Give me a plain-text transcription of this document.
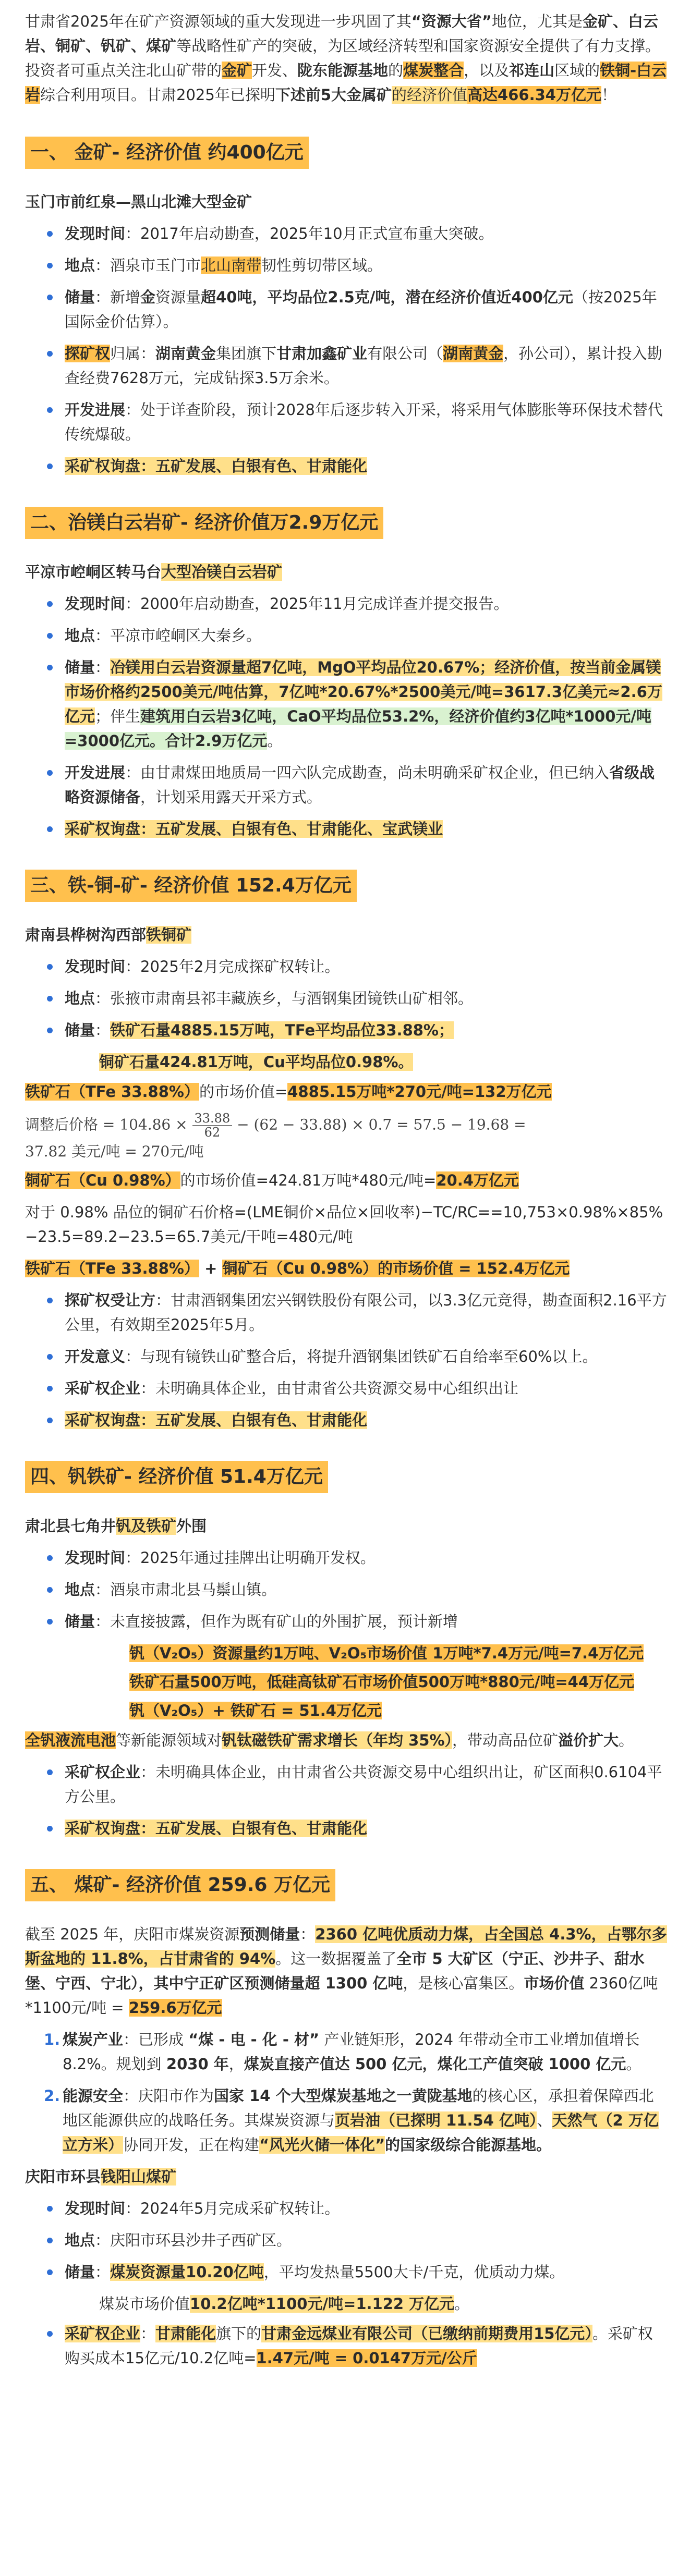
甘肃省2025年在矿产资源领域的重大发现进一步巩固了其“资源大省”地位，尤其是金矿、白云岩、铜矿、钒矿、煤矿等战略性矿产的突破，为区域经济转型和国家资源安全提供了有力支撑。投资者可重点关注北山矿带的金矿开发、陇东能源基地的煤炭整合，以及祁连山区域的铁铜-白云岩综合利用项目。甘肃2025年已探明下述前5大金属矿的经济价值高达466.34万亿元！

一、 金矿- 经济价值 约400亿元
玉门市前红泉—黑山北滩大型金矿
发现时间：2017年启动勘查，2025年10月正式宣布重大突破。
地点：酒泉市玉门市北山南带韧性剪切带区域。
储量：新增金资源量超40吨，平均品位2.5克/吨，潜在经济价值近400亿元（按2025年国际金价估算）。
探矿权归属：湖南黄金集团旗下甘肃加鑫矿业有限公司（湖南黄金，孙公司），累计投入勘查经费7628万元，完成钻探3.5万余米。
开发进展：处于详查阶段，预计2028年后逐步转入开采，将采用气体膨胀等环保技术替代传统爆破。
采矿权询盘：五矿发展、白银有色、甘肃能化
二、治镁白云岩矿- 经济价值万2.9万亿元
平凉市崆峒区转马台大型冶镁白云岩矿
发现时间：2000年启动勘查，2025年11月完成详查并提交报告。
地点：平凉市崆峒区大秦乡。
储量：冶镁用白云岩资源量超7亿吨，MgO平均品位20.67%；经济价值，按当前金属镁市场价格约2500美元/吨估算，7亿吨*20.67%*2500美元/吨=3617.3亿美元≈2.6万亿元；伴生建筑用白云岩3亿吨，CaO平均品位53.2%，经济价值约3亿吨*1000元/吨=3000亿元。合计2.9万亿元。
开发进展：由甘肃煤田地质局一四六队完成勘查，尚未明确采矿权企业，但已纳入省级战略资源储备，计划采用露天开采方式。
采矿权询盘：五矿发展、白银有色、甘肃能化、宝武镁业
三、铁-铜-矿- 经济价值 152.4万亿元
肃南县桦树沟西部铁铜矿
发现时间：2025年2月完成探矿权转让。
地点：张掖市肃南县祁丰藏族乡，与酒钢集团镜铁山矿相邻。
储量：铁矿石量4885.15万吨，TFe平均品位33.88%；
铜矿石量424.81万吨，Cu平均品位0.98%。
铁矿石（TFe 33.88%）的市场价值=4885.15万吨*270元/吨=132万亿元
调整后价格 = $104.86 \times \frac{33.88}{62} - (62 - 33.88) \times 0.7 = 57.5 - 19.68$ =
37.82 美元/吨 = 270元/吨
铜矿石（Cu 0.98%）的市场价值=424.81万吨*480元/吨=20.4万亿元
对于 0.98% 品位的铜矿石价格=(LME铜价×品位×回收率)−TC/RC==10,753×0.98%×85%−23.5=89.2−23.5=65.7美元/干吨=480元/吨
铁矿石（TFe 33.88%） + 铜矿石（Cu 0.98%）的市场价值 = 152.4万亿元
探矿权受让方：甘肃酒钢集团宏兴钢铁股份有限公司，以3.3亿元竞得，勘查面积2.16平方公里，有效期至2025年5月。
开发意义：与现有镜铁山矿整合后，将提升酒钢集团铁矿石自给率至60%以上。
采矿权企业：未明确具体企业，由甘肃省公共资源交易中心组织出让
采矿权询盘：五矿发展、白银有色、甘肃能化
四、钒铁矿- 经济价值 51.4万亿元
肃北县七角井钒及铁矿外围
发现时间：2025年通过挂牌出让明确开发权。
地点：酒泉市肃北县马鬃山镇。
储量：未直接披露，但作为既有矿山的外围扩展，预计新增
钒（V₂O₅）资源量约1万吨、V₂O₅市场价值 1万吨*7.4万元/吨=7.4万亿元
铁矿石量500万吨，低硅高钛矿石市场价值500万吨*880元/吨=44万亿元
钒（V₂O₅）+ 铁矿石 = 51.4万亿元
全钒液流电池等新能源领域对钒钛磁铁矿需求增长（年均 35%），带动高品位矿溢价扩大。
采矿权企业：未明确具体企业，由甘肃省公共资源交易中心组织出让，矿区面积0.6104平方公里。
采矿权询盘：五矿发展、白银有色、甘肃能化
五、 煤矿- 经济价值 259.6 万亿元

截至 2025 年，庆阳市煤炭资源预测储量：2360 亿吨优质动力煤，占全国总 4.3%，占鄂尔多斯盆地的 11.8%，占甘肃省的 94%。这一数据覆盖了全市 5 大矿区（宁正、沙井子、甜水堡、宁西、宁北），其中宁正矿区预测储量超 1300 亿吨，是核心富集区。市场价值 2360亿吨*1100元/吨 = 259.6万亿元

1. 煤炭产业：已形成 “煤 - 电 - 化 - 材” 产业链矩形，2024 年带动全市工业增加值增长 8.2%。规划到 2030 年，煤炭直接产值达 500 亿元，煤化工产值突破 1000 亿元。
2. 能源安全：庆阳市作为国家 14 个大型煤炭基地之一黄陇基地的核心区，承担着保障西北地区能源供应的战略任务。其煤炭资源与页岩油（已探明 11.54 亿吨）、天然气（2 万亿立方米）协同开发，正在构建“风光火储一体化”的国家级综合能源基地。
庆阳市环县钱阳山煤矿
发现时间：2024年5月完成采矿权转让。
地点：庆阳市环县沙井子西矿区。
储量：煤炭资源量10.20亿吨，平均发热量5500大卡/千克，优质动力煤。
煤炭市场价值10.2亿吨*1100元/吨=1.122 万亿元。
采矿权企业：甘肃能化旗下的甘肃金远煤业有限公司（已缴纳前期费用15亿元）。采矿权购买成本15亿元/10.2亿吨=1.47元/吨 = 0.0147万元/公斤
